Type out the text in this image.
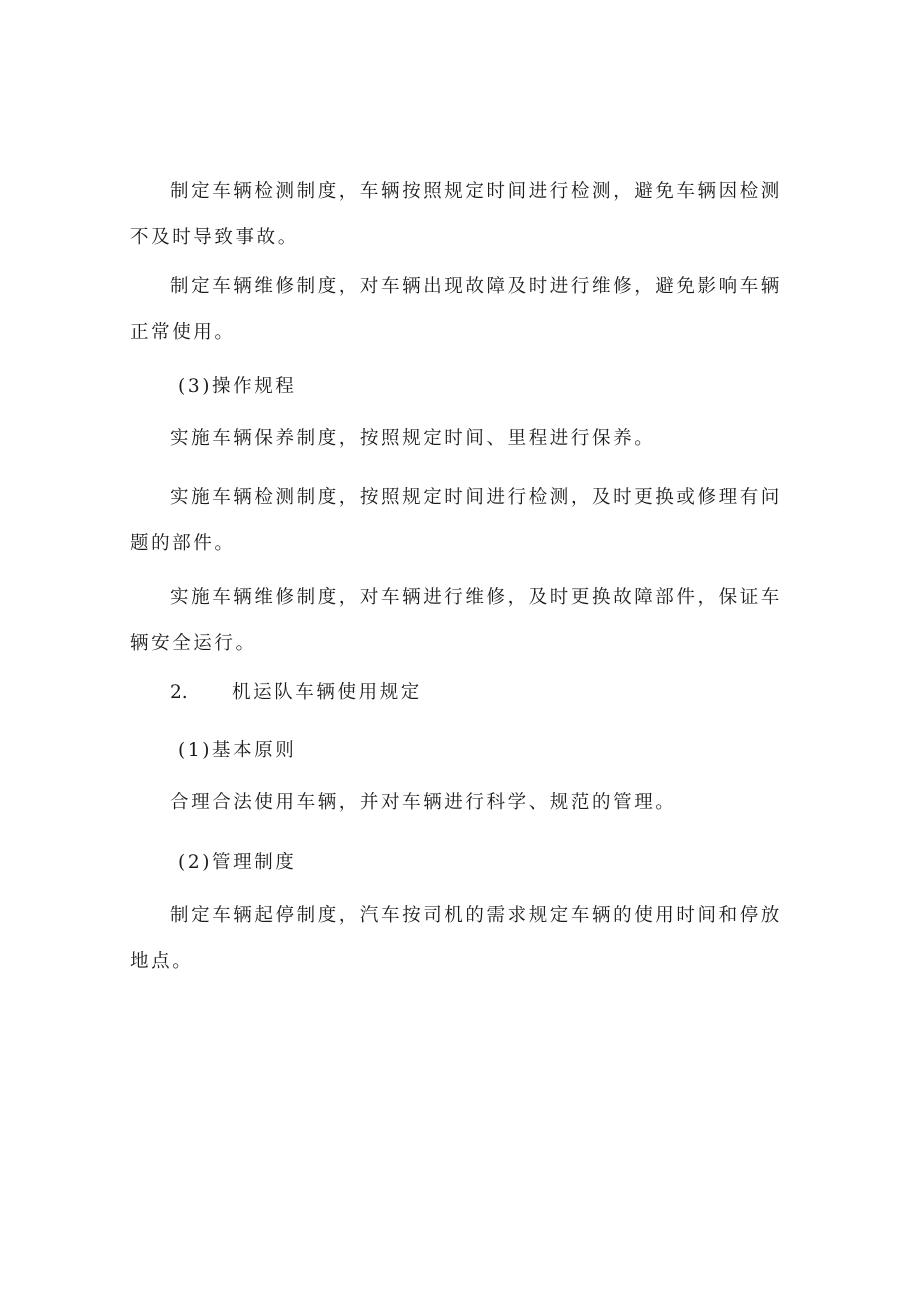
制定车辆检测制度，车辆按照规定时间进行检测，避免车辆因检测不及时导致事故。

制定车辆维修制度，对车辆出现故障及时进行维修，避免影响车辆正常使用。

(3)操作规程

实施车辆保养制度，按照规定时间、里程进行保养。

实施车辆检测制度，按照规定时间进行检测，及时更换或修理有问题的部件。

实施车辆维修制度，对车辆进行维修，及时更换故障部件，保证车辆安全运行。

2. 机运队车辆使用规定

(1)基本原则

合理合法使用车辆，并对车辆进行科学、规范的管理。

(2)管理制度

制定车辆起停制度，汽车按司机的需求规定车辆的使用时间和停放地点。
